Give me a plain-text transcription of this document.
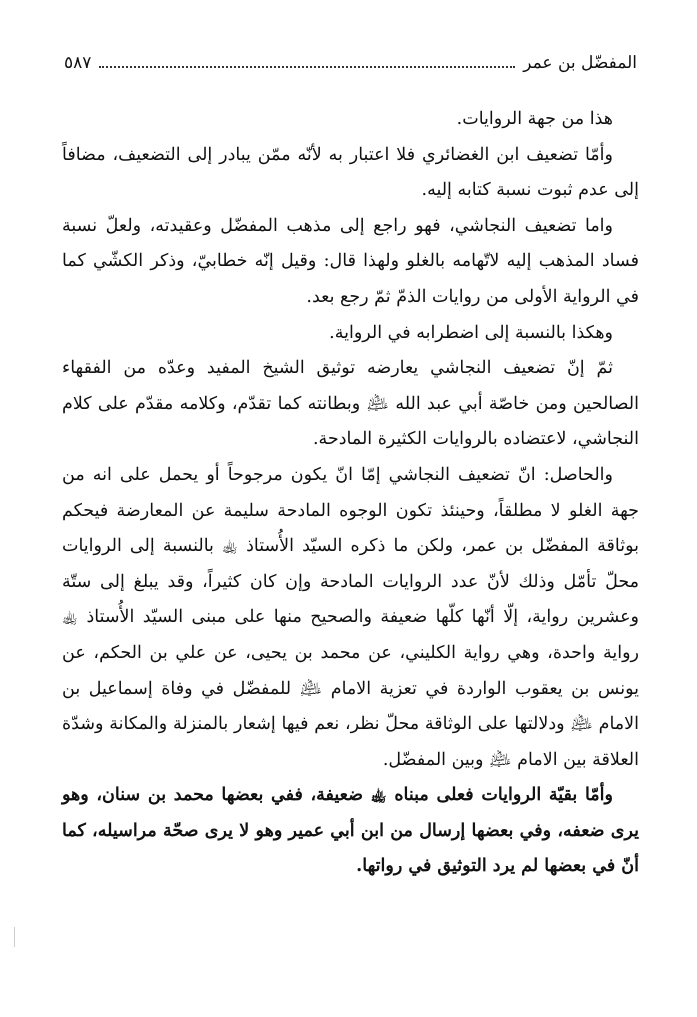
المفضّل بن عمر
٥٨٧

هذا من جهة الروايات.

وأمّا تضعيف ابن الغضائري فلا اعتبار به لأنّه ممّن يبادر إلى التضعيف، مضافاً إلى عدم ثبوت نسبة كتابه إليه.

واما تضعيف النجاشي، فهو راجع إلى مذهب المفضّل وعقيدته، ولعلّ نسبة فساد المذهب إليه لاتّهامه بالغلو ولهذا قال: وقيل إنّه خطابيّ، وذكر الكشّي كما في الرواية الأولى من روايات الذمّ ثمّ رجع بعد.

وهكذا بالنسبة إلى اضطرابه في الرواية.

ثمّ إنّ تضعيف النجاشي يعارضه توثيق الشيخ المفيد وعدّه من الفقهاء الصالحين ومن خاصّة أبي عبد الله ﵇ وبطانته كما تقدّم، وكلامه مقدّم على كلام النجاشي، لاعتضاده بالروايات الكثيرة المادحة.

والحاصل: انّ تضعيف النجاشي إمّا انّ يكون مرجوحاً أو يحمل على انه من جهة الغلو لا مطلقاً، وحينئذ تكون الوجوه المادحة سليمة عن المعارضة فيحكم بوثاقة المفضّل بن عمر، ولكن ما ذكره السيّد الأُستاذ ﵀ بالنسبة إلى الروايات محلّ تأمّل وذلك لأنّ عدد الروايات المادحة وإن كان كثيراً، وقد يبلغ إلى ستّة وعشرين رواية، إلّا أنّها كلّها ضعيفة والصحيح منها على مبنى السيّد الأُستاذ ﵀ رواية واحدة، وهي رواية الكليني، عن محمد بن يحيى، عن علي بن الحكم، عن يونس بن يعقوب الواردة في تعزية الامام ﵇ للمفضّل في وفاة إسماعيل بن الامام ﵇ ودلالتها على الوثاقة محلّ نظر، نعم فيها إشعار بالمنزلة والمكانة وشدّة العلاقة بين الامام ﵇ وبين المفضّل.

وأمّا بقيّة الروايات فعلى مبناه ﵀ ضعيفة، ففي بعضها محمد بن سنان، وهو يرى ضعفه، وفي بعضها إرسال من ابن أبي عمير وهو لا يرى صحّة مراسيله، كما أنّ في بعضها لم يرد التوثيق في رواتها.
